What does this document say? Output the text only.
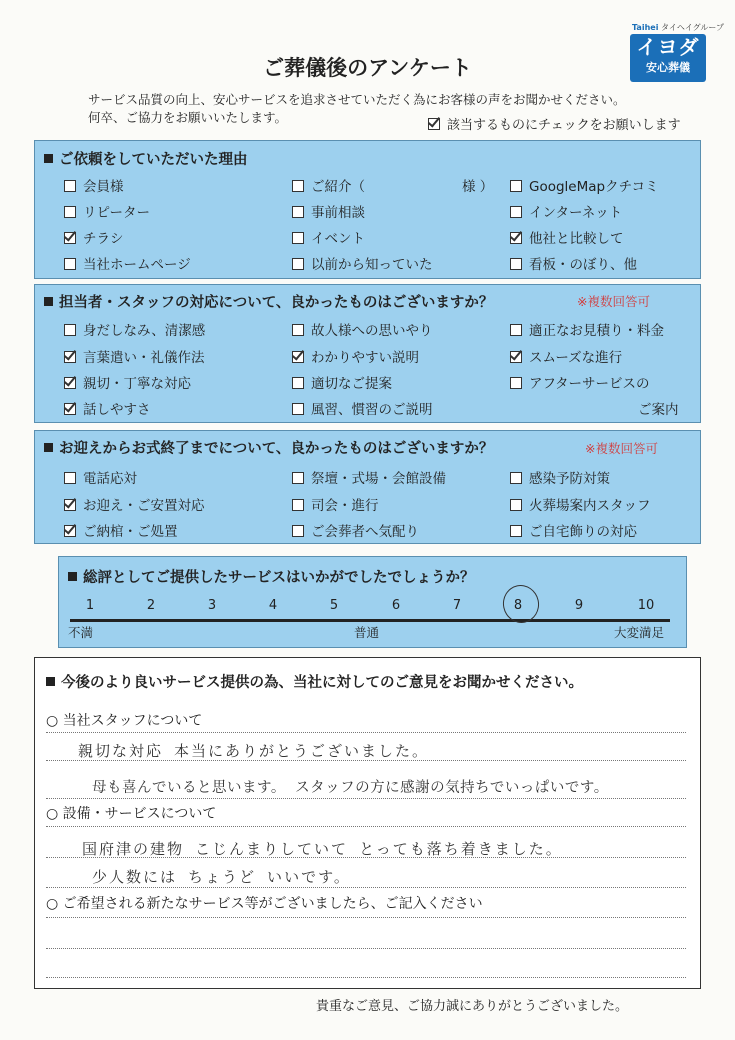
Taihei タイヘイグループ
イヨダ
安心葬儀
ご葬儀後のアンケート
サービス品質の向上、安心サービスを追求させていただく為にお客様の声をお聞かせください。
何卒、ご協力をお願いいたします。
該当するものにチェックをお願いします
ご依頼をしていただいた理由
会員様	ご紹介（	様 ）	GoogleMapクチコミ
リピーター	事前相談	インターネット
チラシ	イベント	他社と比較して
当社ホームページ	以前から知っていた	看板・のぼり、他
担当者・スタッフの対応について、良かったものはございますか？	※複数回答可
身だしなみ、清潔感	故人様への思いやり	適正なお見積り・料金
言葉遣い・礼儀作法	わかりやすい説明	スムーズな進行
親切・丁寧な対応	適切なご提案	アフターサービスの
話しやすさ	風習、慣習のご説明	ご案内
お迎えからお式終了までについて、良かったものはございますか？	※複数回答可
電話応対	祭壇・式場・会館設備	感染予防対策
お迎え・ご安置対応	司会・進行	火葬場案内スタッフ
ご納棺・ご処置	ご会葬者へ気配り	ご自宅飾りの対応
総評としてご提供したサービスはいかがでしたでしょうか？
1	2	3	4	5	6	7	8	9	10
不満	普通	大変満足
今後のより良いサービス提供の為、当社に対してのご意見をお聞かせください。
○ 当社スタッフについて
親切な対応 本当にありがとうございました。
母も喜んでいると思います。 スタッフの方に感謝の気持ちでいっぱいです。
○ 設備・サービスについて
国府津の建物 こじんまりしていて とっても落ち着きました。
少人数には ちょうど いいです。
○ ご希望される新たなサービス等がございましたら、ご記入ください
貴重なご意見、ご協力誠にありがとうございました。
